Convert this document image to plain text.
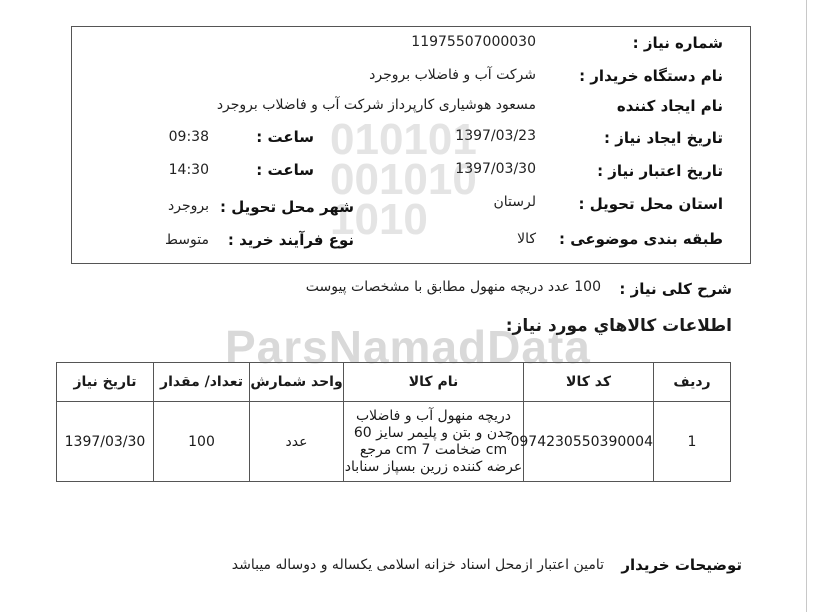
010101
001010
1010
ParsNamadData
شماره نیاز :
11975507000030
نام دستگاه خریدار :
شرکت آب و فاضلاب بروجرد
نام ایجاد کننده
مسعود هوشیاری کارپرداز شرکت آب و فاضلاب بروجرد
تاریخ ایجاد نیاز :
1397/03/23
ساعت :
09:38
تاریخ اعتبار نیاز :
1397/03/30
ساعت :
14:30
استان محل تحویل :
لرستان
شهر محل تحویل :
بروجرد
طبقه بندی موضوعی :
کالا
نوع فرآیند خرید :
متوسط
شرح کلی نیاز :
100 عدد دریچه منهول مطابق با مشخصات پیوست
اطلاعات کالاهاي مورد نياز:
ردیف	کد کالا	نام کالا	واحد شمارش	تعداد/ مقدار	تاریخ نیاز
1	0974230550390004	دریچه منهول آب و فاضلاب چدن و بتن و پلیمر سایز 60 cm ضخامت 7 cm مرجع عرضه کننده زرین بسپاز سناباد	عدد	100	1397/03/30
توضیحات خریدار
تامین اعتبار ازمحل اسناد خزانه اسلامی یکساله و دوساله میباشد
